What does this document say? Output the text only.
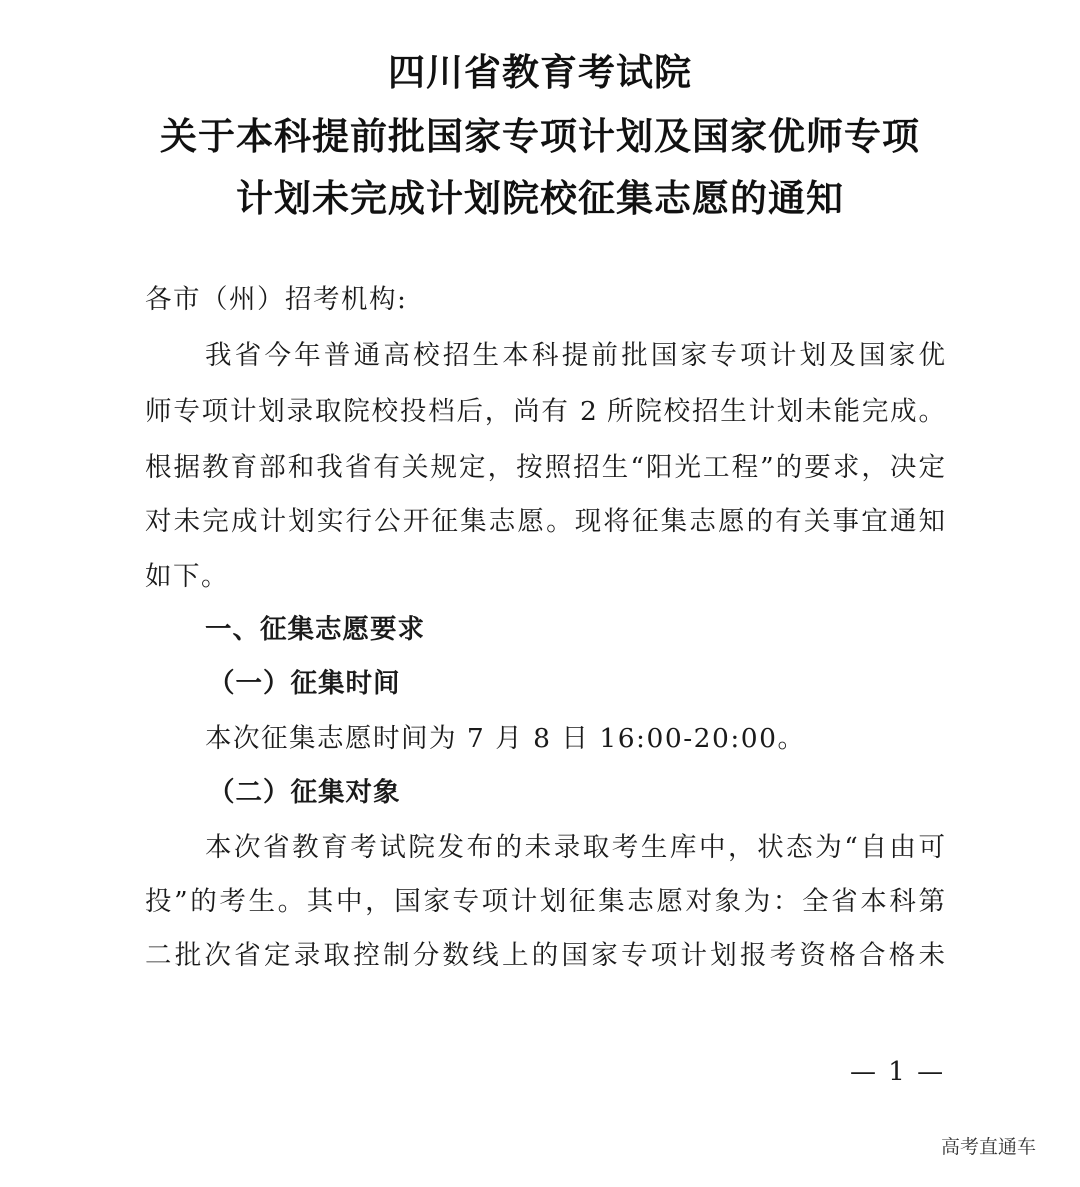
四川省教育考试院
关于本科提前批国家专项计划及国家优师专项
计划未完成计划院校征集志愿的通知
各市（州）招考机构:
我省今年普通高校招生本科提前批国家专项计划及国家优
师专项计划录取院校投档后，尚有 2 所院校招生计划未能完成。
根据教育部和我省有关规定，按照招生“阳光工程”的要求，决定
对未完成计划实行公开征集志愿。现将征集志愿的有关事宜通知
如下。
一、征集志愿要求
（一）征集时间
本次征集志愿时间为 7 月 8 日 16:00-20:00。
（二）征集对象
本次省教育考试院发布的未录取考生库中，状态为“自由可
投”的考生。其中，国家专项计划征集志愿对象为：全省本科第
二批次省定录取控制分数线上的国家专项计划报考资格合格未
— 1 —
高考直通车
